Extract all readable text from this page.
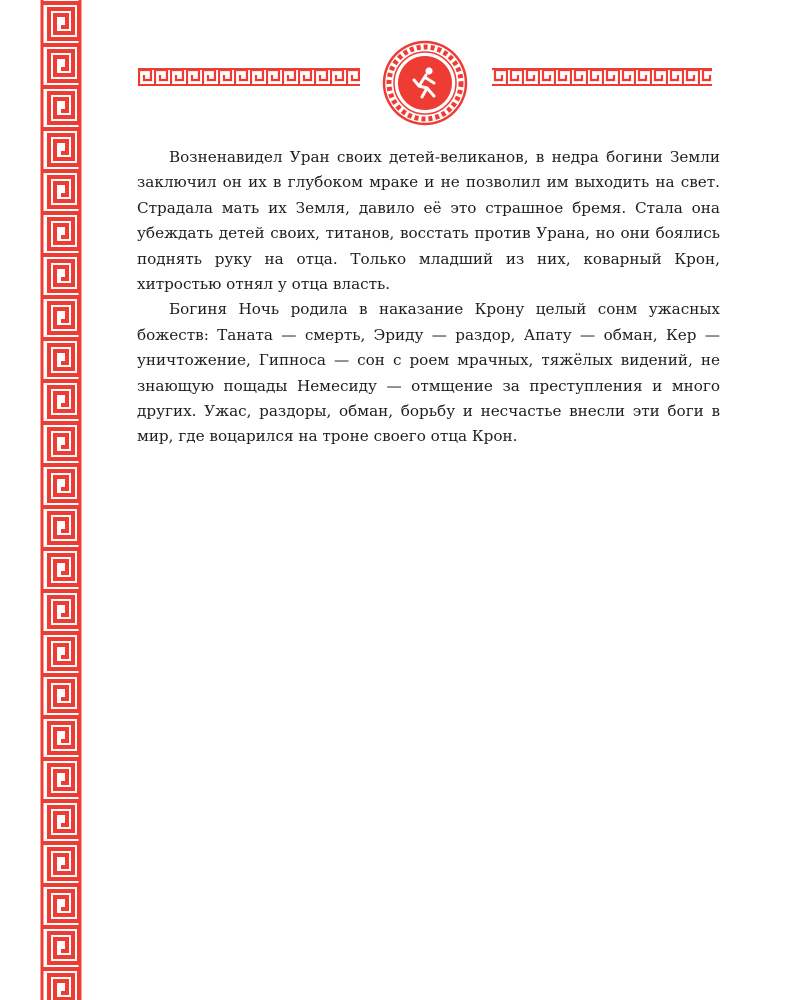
Возненавидел Уран своих детей-великанов, в недра богини Земли заключил он их в глубоком мраке и не позволил им выходить на свет. Страдала мать их Земля, давило её это страшное бремя. Стала она убеждать детей своих, титанов, восстать против Урана, но они боялись поднять руку на отца. Только младший из них, коварный Крон, хитростью отнял у отца власть.

Богиня Ночь родила в наказание Крону целый сонм ужасных божеств: Таната — смерть, Эриду — раздор, Апату — обман, Кер — уничтожение, Гипноса — сон с роем мрачных, тяжёлых видений, не знающую пощады Немесиду — отмщение за преступления и много других. Ужас, раздоры, обман, борьбу и несчастье внесли эти боги в мир, где воцарился на троне своего отца Крон.
